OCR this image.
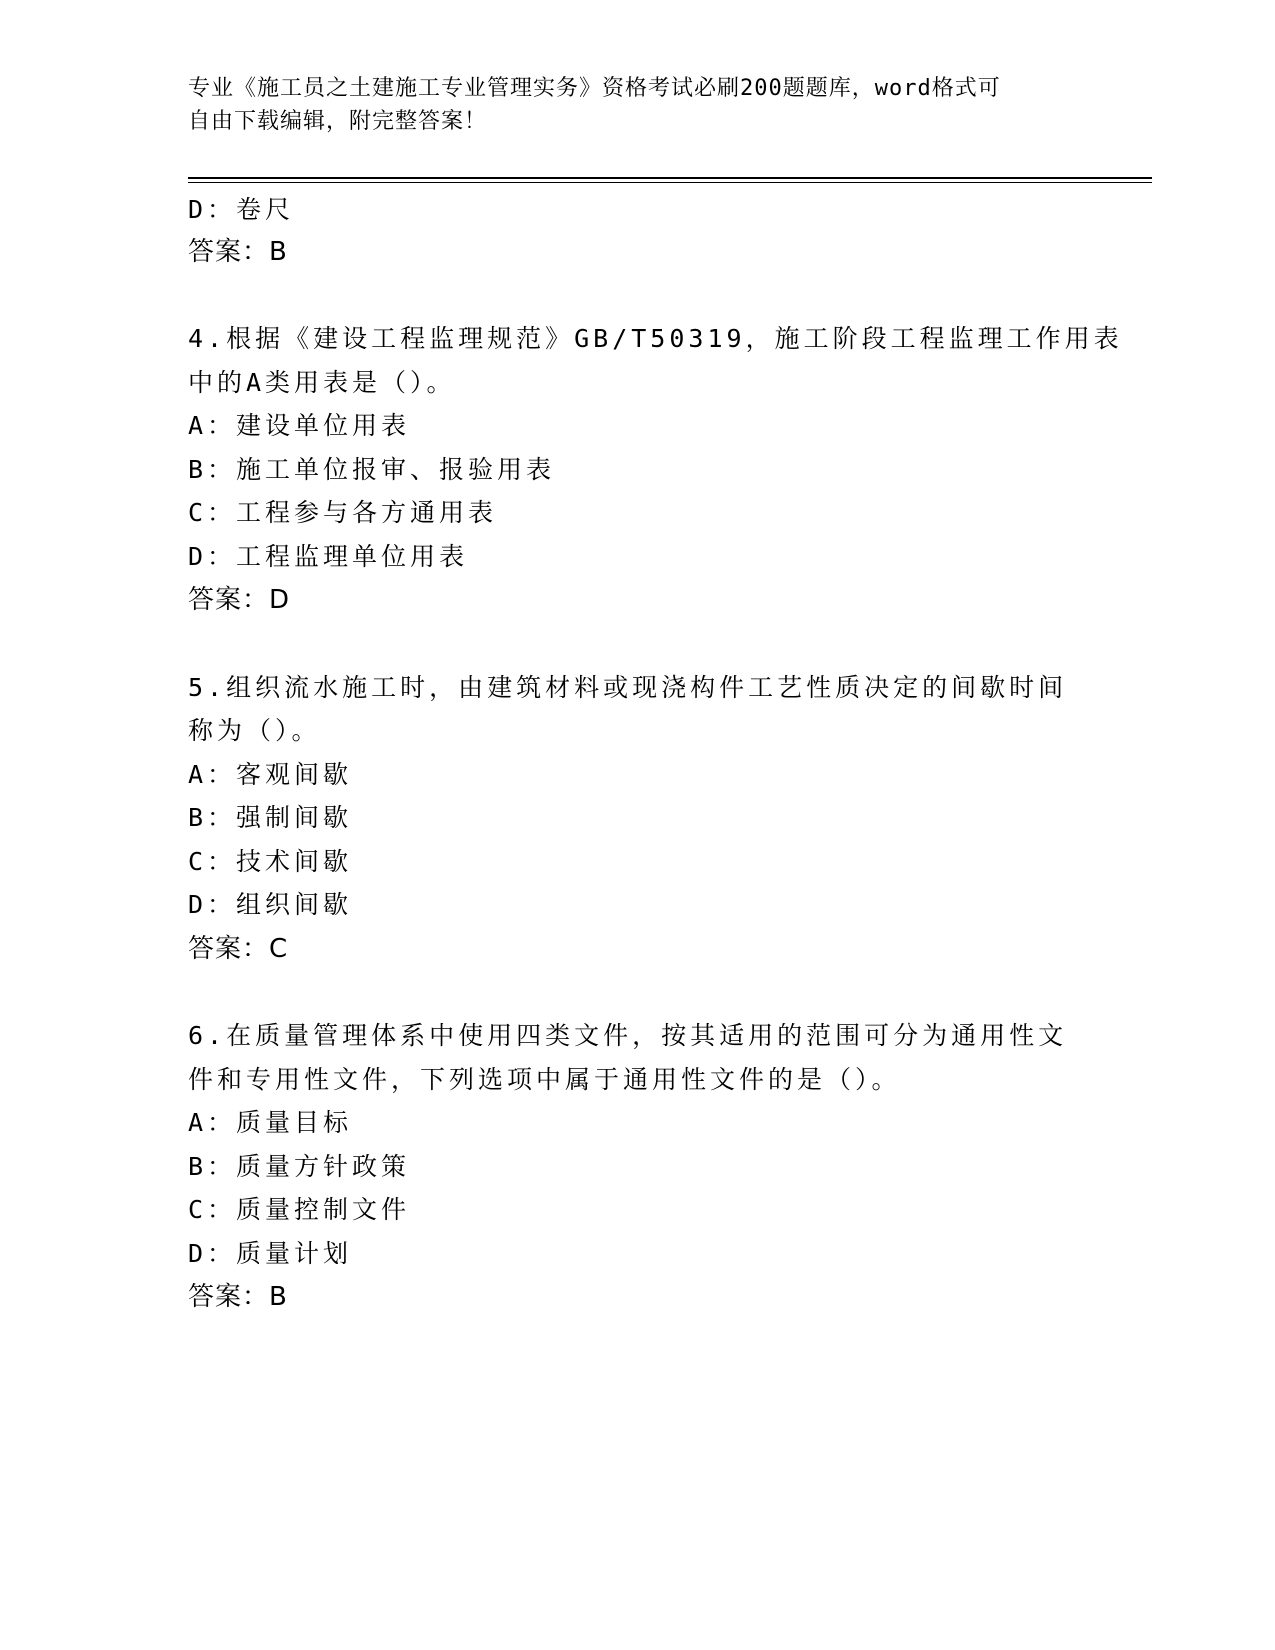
专业《施工员之土建施工专业管理实务》资格考试必刷200题题库，word格式可
自由下载编辑，附完整答案！
D：卷尺
答案：B
4.根据《建设工程监理规范》GB/T50319，施工阶段工程监理工作用表
中的A类用表是（）。
A：建设单位用表
B：施工单位报审、报验用表
C：工程参与各方通用表
D：工程监理单位用表
答案：D
5.组织流水施工时，由建筑材料或现浇构件工艺性质决定的间歇时间
称为（）。
A：客观间歇
B：强制间歇
C：技术间歇
D：组织间歇
答案：C
6.在质量管理体系中使用四类文件，按其适用的范围可分为通用性文
件和专用性文件，下列选项中属于通用性文件的是（）。
A：质量目标
B：质量方针政策
C：质量控制文件
D：质量计划
答案：B
